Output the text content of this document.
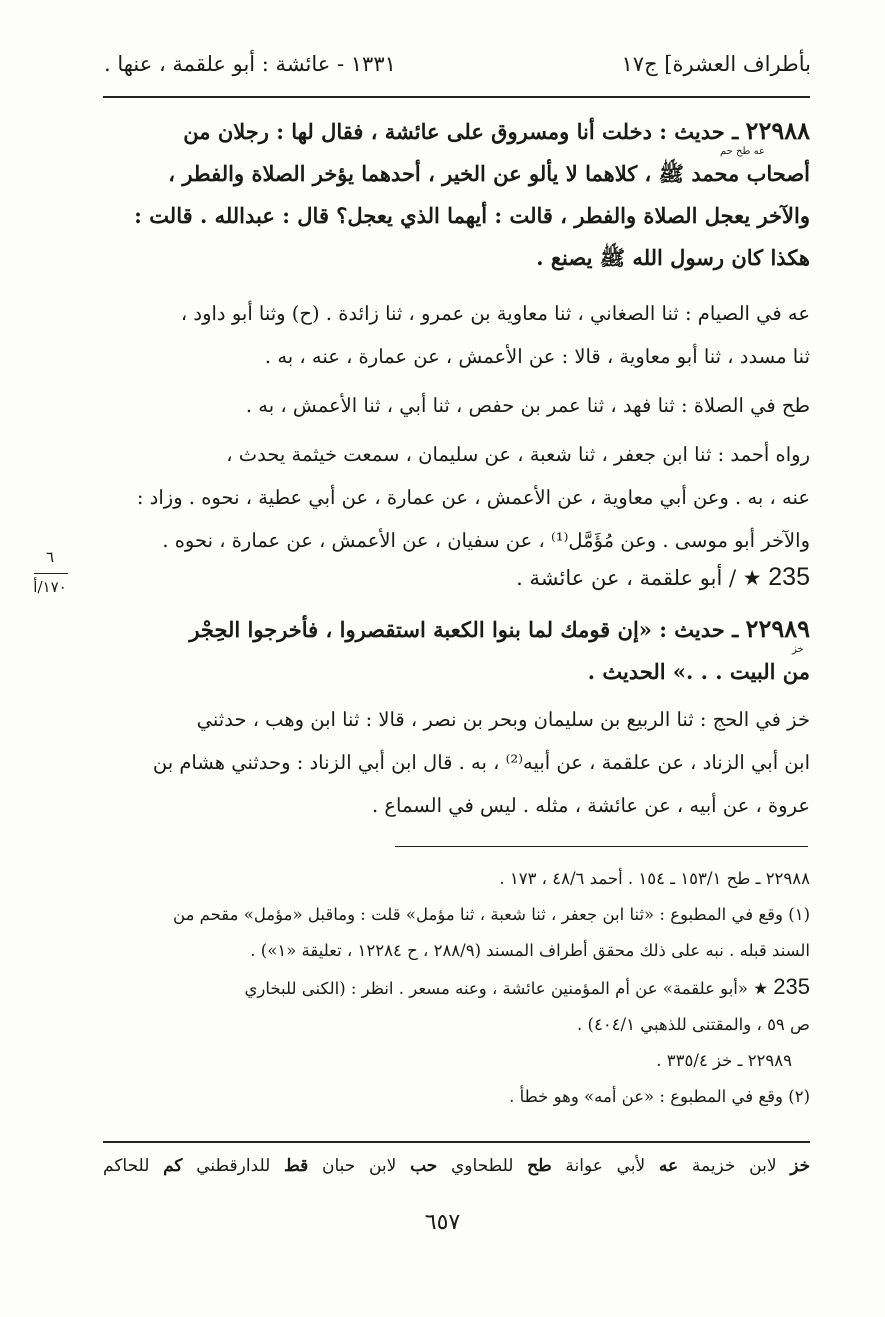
بأطراف العشرة] ج١٧
١٣٣١ - عائشة : أبو علقمة ، عنها .
٢٢٩٨٨ ـ حديث : دخلت أنا ومسروق على عائشة ، فقال لها : رجلان من
أصحاب محمد ﷺ ، كلاهما لا يألو عن الخير ، أحدهما يؤخر الصلاة والفطر ،
والآخر يعجل الصلاة والفطر ، قالت : أيهما الذي يعجل؟ قال : عبدالله . قالت :
هكذا كان رسول الله ﷺ يصنع .
عه طح حم
عه في الصيام : ثنا الصغاني ، ثنا معاوية بن عمرو ، ثنا زائدة . (ح) وثنا أبو داود ،
ثنا مسدد ، ثنا أبو معاوية ، قالا : عن الأعمش ، عن عمارة ، عنه ، به .
طح في الصلاة : ثنا فهد ، ثنا عمر بن حفص ، ثنا أبي ، ثنا الأعمش ، به .
رواه أحمد : ثنا ابن جعفر ، ثنا شعبة ، عن سليمان ، سمعت خيثمة يحدث ،
عنه ، به . وعن أبي معاوية ، عن الأعمش ، عن عمارة ، عن أبي عطية ، نحوه . وزاد :
والآخر أبو موسى . وعن مُؤَمَّل⁽¹⁾ ، عن سفيان ، عن الأعمش ، عن عمارة ، نحوه .
235 ★ / أبو علقمة ، عن عائشة .
٦
١٧٠/أ
٢٢٩٨٩ ـ حديث : «إن قومك لما بنوا الكعبة استقصروا ، فأخرجوا الحِجْر
من البيت . . .» الحديث .
خز
خز في الحج : ثنا الربيع بن سليمان وبحر بن نصر ، قالا : ثنا ابن وهب ، حدثني
ابن أبي الزناد ، عن علقمة ، عن أبيه⁽²⁾ ، به . قال ابن أبي الزناد : وحدثني هشام بن
عروة ، عن أبيه ، عن عائشة ، مثله . ليس في السماع .
٢٢٩٨٨ ـ طح ١٥٣/١ ـ ١٥٤ . أحمد ٤٨/٦ ، ١٧٣ .
(١) وقع في المطبوع : «ثنا ابن جعفر ، ثنا شعبة ، ثنا مؤمل» قلت : وماقبل «مؤمل» مقحم من
السند قبله . نبه على ذلك محقق أطراف المسند (٢٨٨/٩ ، ح ١٢٢٨٤ ، تعليقة «١») .
235 ★ «أبو علقمة» عن أم المؤمنين عائشة ، وعنه مسعر . انظر : (الكنى للبخاري
ص ٥٩ ، والمقتنى للذهبي ٤٠٤/١) .
٢٢٩٨٩ ـ خز ٣٣٥/٤ .
(٢) وقع في المطبوع : «عن أمه» وهو خطأ .
خز لابن خزيمة عه لأبي عوانة طح للطحاوي حب لابن حبان قط للدارقطني كم للحاكم
٦٥٧
